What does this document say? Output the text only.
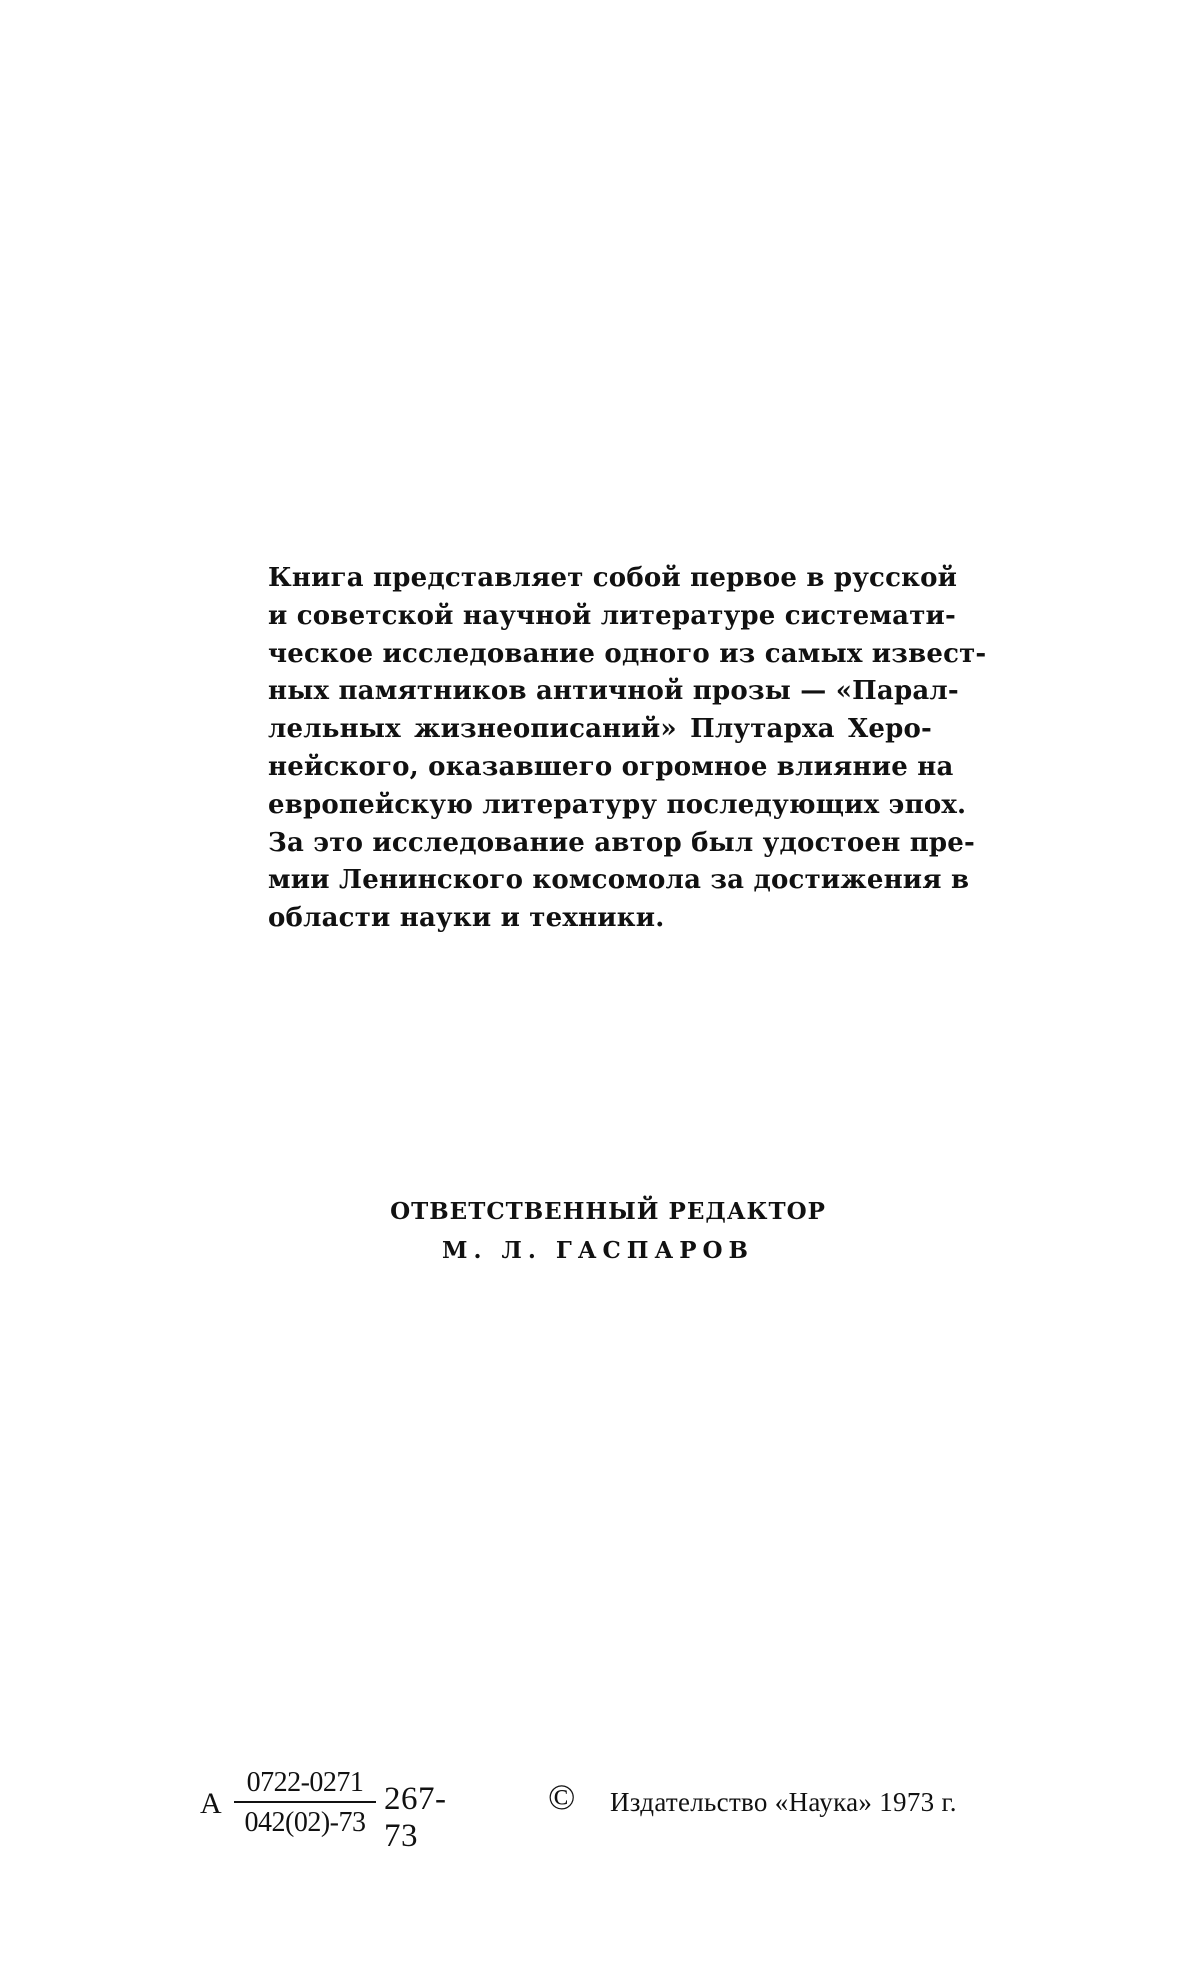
Книга представляет собой первое в русской
и советской научной литературе системати-
ческое исследование одного из самых извест-
ных памятников античной прозы — «Парал-
лельных жизнеописаний» Плутарха Херо-
нейского, оказавшего огромное влияние на
европейскую литературу последующих эпох.
За это исследование автор был удостоен пре-
мии Ленинского комсомола за достижения в
области науки и техники.
ОТВЕТСТВЕННЫЙ РЕДАКТОР
М. Л. ГАСПАРОВ
А $\frac{0722-0271}{042(02)-73} 267-73$
© Издательство «Наука» 1973 г.
